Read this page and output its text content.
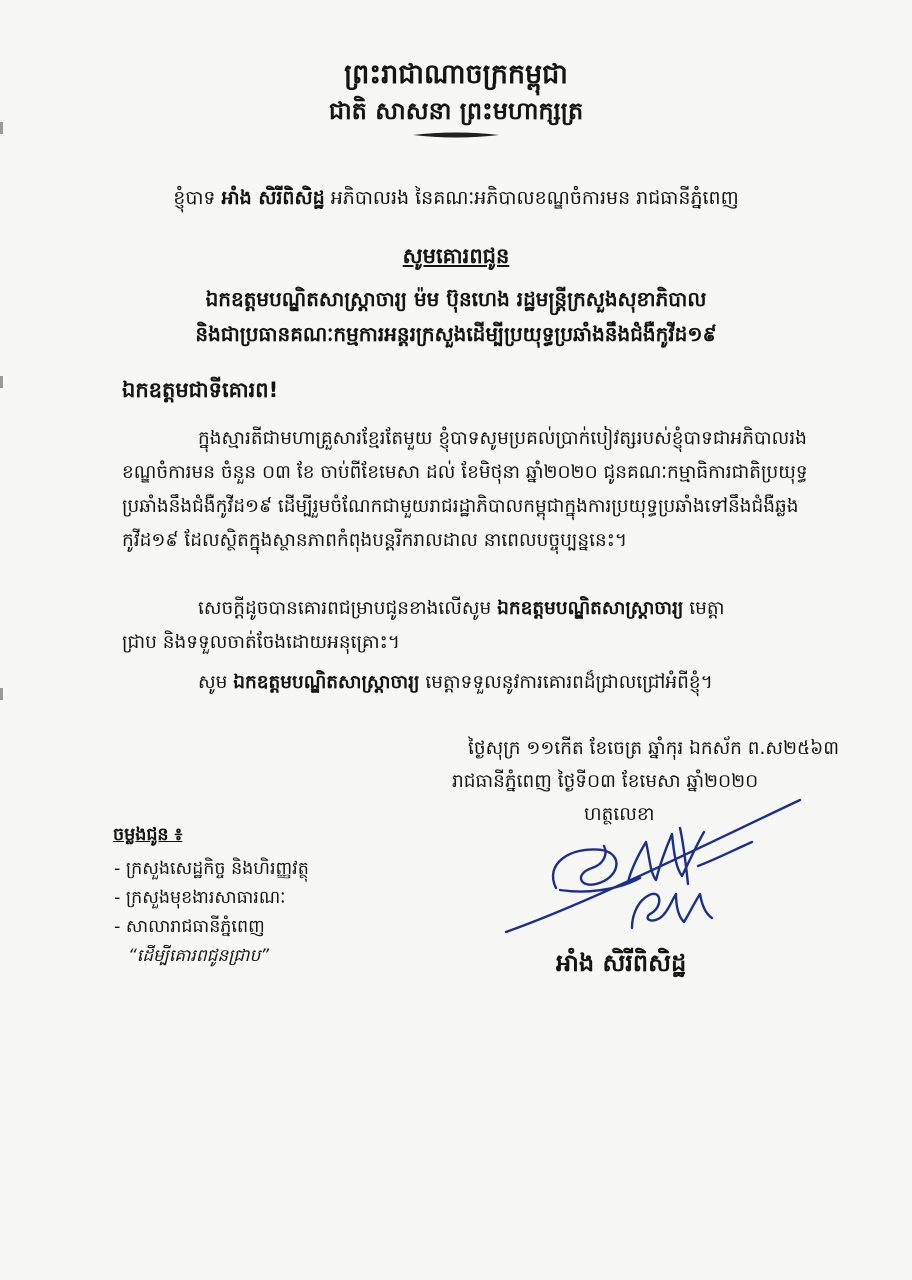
ព្រះរាជាណាចក្រកម្ពុជា
ជាតិ សាសនា ព្រះមហាក្សត្រ
ខ្ញុំបាទ អាំង សិរីពិសិដ្ឋ អភិបាលរង នៃគណៈអភិបាលខណ្ឌចំការមន រាជធានីភ្នំពេញ
សូមគោរពជូន
ឯកឧត្តមបណ្ឌិតសាស្ត្រាចារ្យ ម៉ម ប៊ុនហេង រដ្ឋមន្ត្រីក្រសួងសុខាភិបាល
និងជាប្រធានគណៈកម្មការអន្តរក្រសួងដើម្បីប្រយុទ្ធប្រឆាំងនឹងជំងឺកូវីដ១៩
ឯកឧត្តមជាទីគោរព!
ក្នុងស្មារតីជាមហាគ្រួសារខ្មែរតែមួយ ខ្ញុំបាទសូមប្រគល់ប្រាក់បៀវត្សរបស់ខ្ញុំបាទជាអភិបាលរង
ខណ្ឌចំការមន ចំនួន ០៣ ខែ ចាប់ពីខែមេសា ដល់ ខែមិថុនា ឆ្នាំ២០២០ ជូនគណៈកម្មាធិការជាតិប្រយុទ្ធ
ប្រឆាំងនឹងជំងឺកូវីដ១៩ ដើម្បីរួមចំណែកជាមួយរាជរដ្ឋាភិបាលកម្ពុជាក្នុងការប្រយុទ្ធប្រឆាំងទៅនឹងជំងឺឆ្លង
កូវីដ១៩ ដែលស្ថិតក្នុងស្ថានភាពកំពុងបន្តរីករាលដាល នាពេលបច្ចុប្បន្ននេះ។
សេចក្តីដូចបានគោរពជម្រាបជូនខាងលើសូម ឯកឧត្តមបណ្ឌិតសាស្ត្រាចារ្យ មេត្តា
ជ្រាប និងទទួលចាត់ចែងដោយអនុគ្រោះ។
សូម ឯកឧត្តមបណ្ឌិតសាស្ត្រាចារ្យ មេត្តាទទួលនូវការគោរពដ៏ជ្រាលជ្រៅអំពីខ្ញុំ។
ថ្ងៃសុក្រ ១១កើត ខែចេត្រ ឆ្នាំកុរ ឯកស័ក ព.ស២៥៦៣
រាជធានីភ្នំពេញ ថ្ងៃទី០៣ ខែមេសា ឆ្នាំ២០២០
ហត្ថលេខា
ចម្លងជូន ៖
- ក្រសួងសេដ្ឋកិច្ច និងហិរញ្ញវត្ថុ
- ក្រសួងមុខងារសាធារណៈ
- សាលារាជធានីភ្នំពេញ
“ដើម្បីគោរពជូនជ្រាប”	អាំង សិរីពិសិដ្ឋ
